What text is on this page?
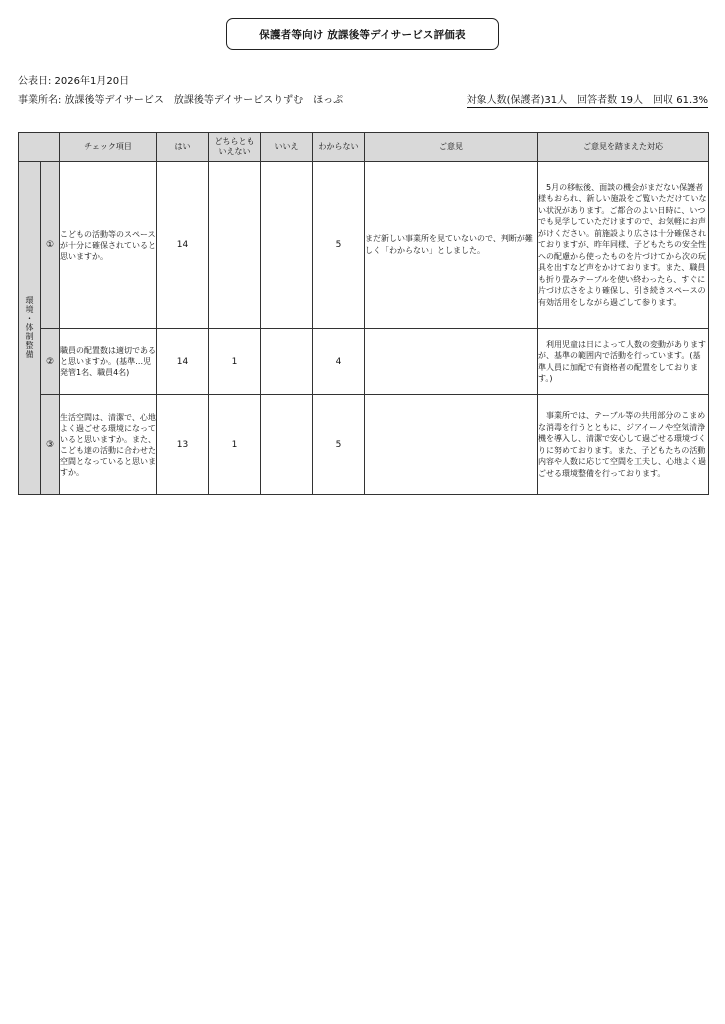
保護者等向け 放課後等デイサービス評価表
公表日: 2026年1月20日
事業所名: 放課後等デイサービス　放課後等デイサービスりずむ　ほっぷ	対象人数(保護者)31人　回答者数 19人　回収 61.3%
		チェック項目	はい	どちらとも いえない	いいえ	わからない	ご意見	ご意見を踏まえた対応
環境・体制整備	①	こどもの活動等のスペースが十分に確保されていると思いますか。	14			5	まだ新しい事業所を見ていないので、判断が難しく「わからない」としました。	5月の移転後、面談の機会がまだない保護者様もおられ、新しい施設をご覧いただけていない状況があります。ご都合のよい日時に、いつでも見学していただけますので、お気軽にお声がけください。前施設より広さは十分確保されておりますが、昨年同様、子どもたちの安全性への配慮から使ったものを片づけてから次の玩具を出すなど声をかけております。また、職員も折り畳みテーブルを使い終わったら、すぐに片づけ広さをより確保し、引き続きスペースの有効活用をしながら過ごして参ります。
	②	職員の配置数は適切であると思いますか。(基準…児発管1名、職員4名)	14	1		4		利用児童は日によって人数の変動がありますが、基準の範囲内で活動を行っています。(基準人員に加配で有資格者の配置をしております。)
	③	生活空間は、清潔で、心地よく過ごせる環境になっていると思いますか。また、こども達の活動に合わせた空間となっていると思いますか。	13	1		5		事業所では、テーブル等の共用部分のこまめな消毒を行うとともに、ジアイーノや空気清浄機を導入し、清潔で安心して過ごせる環境づくりに努めております。また、子どもたちの活動内容や人数に応じて空間を工夫し、心地よく過ごせる環境整備を行っております。
